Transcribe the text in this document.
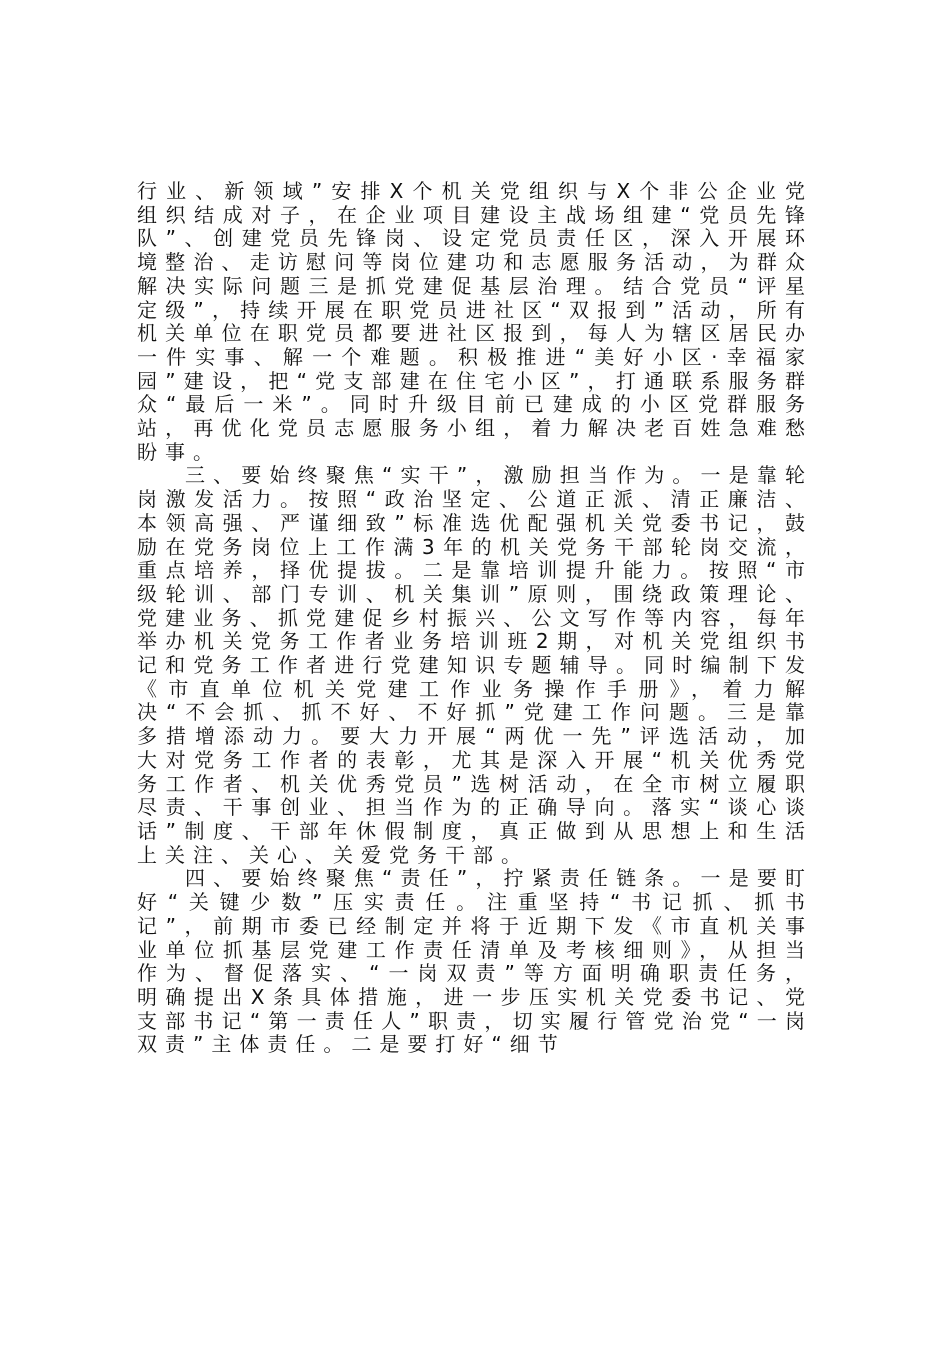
行业、新领域”安排X个机关党组织与X个非公企业党组织结成对子，在企业项目建设主战场组建“党员先锋队”、创建党员先锋岗、设定党员责任区，深入开展环境整治、走访慰问等岗位建功和志愿服务活动，为群众解决实际问题三是抓党建促基层治理。结合党员“评星定级”，持续开展在职党员进社区“双报到”活动，所有机关单位在职党员都要进社区报到，每人为辖区居民办一件实事、解一个难题。积极推进“美好小区·幸福家园”建设，把“党支部建在住宅小区”，打通联系服务群众“最后一米”。同时升级目前已建成的小区党群服务站，再优化党员志愿服务小组，着力解决老百姓急难愁盼事。

三、要始终聚焦“实干”，激励担当作为。一是靠轮岗激发活力。按照“政治坚定、公道正派、清正廉洁、本领高强、严谨细致”标准选优配强机关党委书记，鼓励在党务岗位上工作满3年的机关党务干部轮岗交流，重点培养，择优提拔。二是靠培训提升能力。按照“市级轮训、部门专训、机关集训”原则，围绕政策理论、党建业务、抓党建促乡村振兴、公文写作等内容，每年举办机关党务工作者业务培训班2期，对机关党组织书记和党务工作者进行党建知识专题辅导。同时编制下发《市直单位机关党建工作业务操作手册》，着力解决“不会抓、抓不好、不好抓”党建工作问题。三是靠多措增添动力。要大力开展“两优一先”评选活动，加大对党务工作者的表彰，尤其是深入开展“机关优秀党务工作者、机关优秀党员”选树活动，在全市树立履职尽责、干事创业、担当作为的正确导向。落实“谈心谈话”制度、干部年休假制度，真正做到从思想上和生活上关注、关心、关爱党务干部。

四、要始终聚焦“责任”，拧紧责任链条。一是要盯好“关键少数”压实责任。注重坚持“书记抓、抓书记”，前期市委已经制定并将于近期下发《市直机关事业单位抓基层党建工作责任清单及考核细则》，从担当作为、督促落实、“一岗双责”等方面明确职责任务，明确提出X条具体措施，进一步压实机关党委书记、党支部书记“第一责任人”职责，切实履行管党治党“一岗双责”主体责任。二是要打好“细节
